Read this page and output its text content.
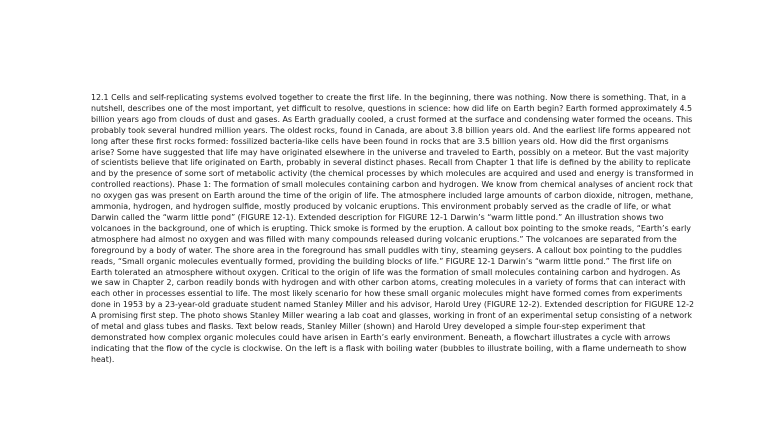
12.1 Cells and self-replicating systems evolved together to create the first life. In the beginning, there was nothing. Now there is something. That, in a nutshell, describes one of the most important, yet difficult to resolve, questions in science: how did life on Earth begin? Earth formed approximately 4.5 billion years ago from clouds of dust and gases. As Earth gradually cooled, a crust formed at the surface and condensing water formed the oceans. This probably took several hundred million years. The oldest rocks, found in Canada, are about 3.8 billion years old. And the earliest life forms appeared not long after these first rocks formed: fossilized bacteria-like cells have been found in rocks that are 3.5 billion years old. How did the first organisms arise? Some have suggested that life may have originated elsewhere in the universe and traveled to Earth, possibly on a meteor. But the vast majority of scientists believe that life originated on Earth, probably in several distinct phases. Recall from Chapter 1 that life is defined by the ability to replicate and by the presence of some sort of metabolic activity (the chemical processes by which molecules are acquired and used and energy is transformed in controlled reactions). Phase 1: The formation of small molecules containing carbon and hydrogen. We know from chemical analyses of ancient rock that no oxygen gas was present on Earth around the time of the origin of life. The atmosphere included large amounts of carbon dioxide, nitrogen, methane, ammonia, hydrogen, and hydrogen sulfide, mostly produced by volcanic eruptions. This environment probably served as the cradle of life, or what Darwin called the “warm little pond” (FIGURE 12-1). Extended description for FIGURE 12-1 Darwin’s “warm little pond.” An illustration shows two volcanoes in the background, one of which is erupting. Thick smoke is formed by the eruption. A callout box pointing to the smoke reads, “Earth’s early atmosphere had almost no oxygen and was filled with many compounds released during volcanic eruptions.” The volcanoes are separated from the foreground by a body of water. The shore area in the foreground has small puddles with tiny, steaming geysers. A callout box pointing to the puddles reads, “Small organic molecules eventually formed, providing the building blocks of life.” FIGURE 12-1 Darwin’s “warm little pond.” The first life on Earth tolerated an atmosphere without oxygen. Critical to the origin of life was the formation of small molecules containing carbon and hydrogen. As we saw in Chapter 2, carbon readily bonds with hydrogen and with other carbon atoms, creating molecules in a variety of forms that can interact with each other in processes essential to life. The most likely scenario for how these small organic molecules might have formed comes from experiments done in 1953 by a 23-year-old graduate student named Stanley Miller and his advisor, Harold Urey (FIGURE 12-2). Extended description for FIGURE 12-2 A promising first step. The photo shows Stanley Miller wearing a lab coat and glasses, working in front of an experimental setup consisting of a network of metal and glass tubes and flasks. Text below reads, Stanley Miller (shown) and Harold Urey developed a simple four-step experiment that demonstrated how complex organic molecules could have arisen in Earth’s early environment. Beneath, a flowchart illustrates a cycle with arrows indicating that the flow of the cycle is clockwise. On the left is a flask with boiling water (bubbles to illustrate boiling, with a flame underneath to show heat).
